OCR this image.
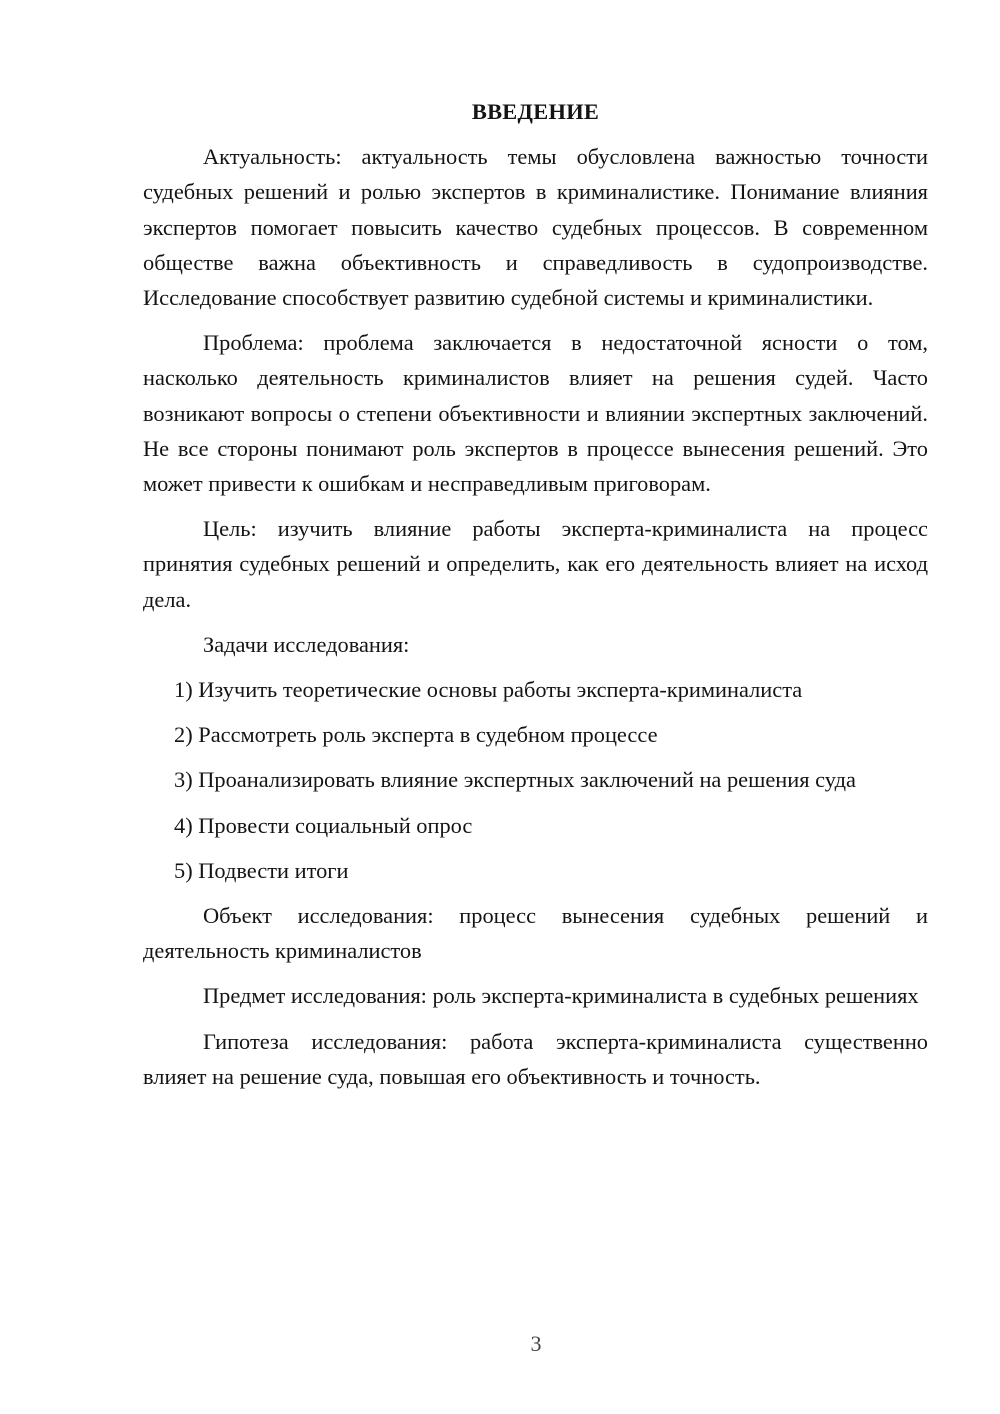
ВВЕДЕНИЕ

Актуальность: актуальность темы обусловлена важностью точности судебных решений и ролью экспертов в криминалистике. Понимание влияния экспертов помогает повысить качество судебных процессов. В современном обществе важна объективность и справедливость в судопроизводстве. Исследование способствует развитию судебной системы и криминалистики.

Проблема: проблема заключается в недостаточной ясности о том, насколько деятельность криминалистов влияет на решения судей. Часто возникают вопросы о степени объективности и влиянии экспертных заключений. Не все стороны понимают роль экспертов в процессе вынесения решений. Это может привести к ошибкам и несправедливым приговорам.

Цель: изучить влияние работы эксперта-криминалиста на процесс принятия судебных решений и определить, как его деятельность влияет на исход дела.

Задачи исследования:

1) Изучить теоретические основы работы эксперта-криминалиста

2) Рассмотреть роль эксперта в судебном процессе

3) Проанализировать влияние экспертных заключений на решения суда

4) Провести социальный опрос

5) Подвести итоги

Объект исследования: процесс вынесения судебных решений и деятельность криминалистов

Предмет исследования: роль эксперта-криминалиста в судебных решениях

Гипотеза исследования: работа эксперта-криминалиста существенно влияет на решение суда, повышая его объективность и точность.

3
